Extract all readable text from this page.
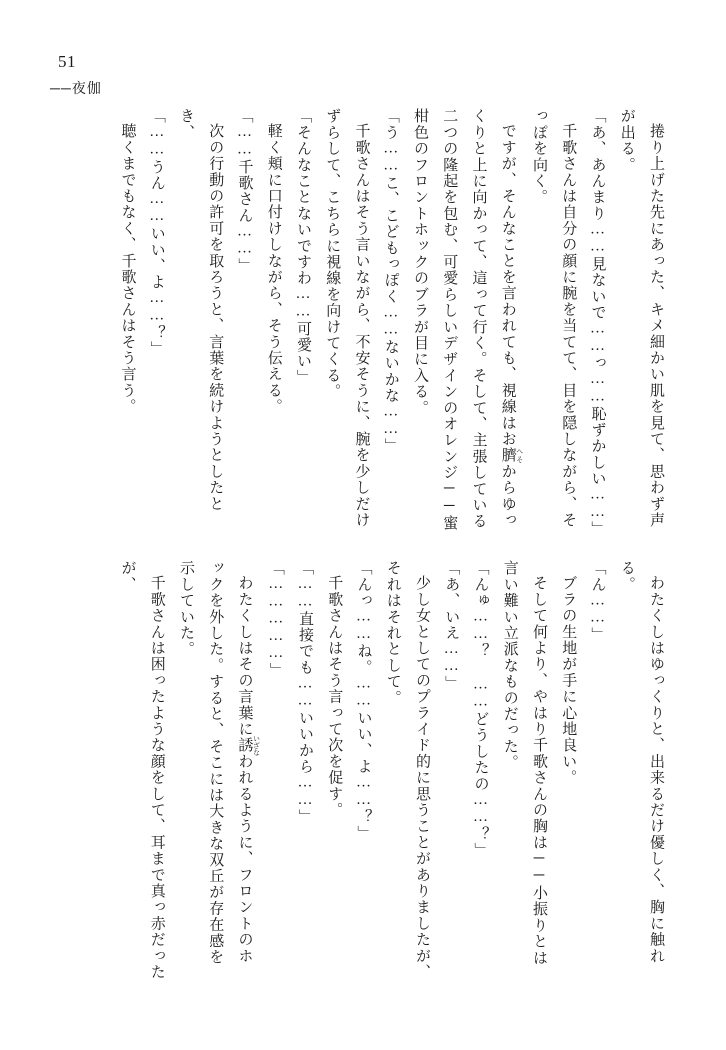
51
──夜伽

捲り上げた先にあった、キメ細かい肌を見て、思わず声が出る。

「あ、あんまり……見ないで……っ……恥ずかしい……」

千歌さんは自分の顔に腕を当てて、目を隠しながら、そっぽを向く。

ですが、そんなことを言われても、視線はお臍 へそからゆっくりと上に向かって、這って行く。そして、主張している二つの隆起を包む、可愛らしいデザインのオレンジ──蜜柑色のフロントホックのブラが目に入る。

「う……こ、こどもっぽく……ないかな……」

千歌さんはそう言いながら、不安そうに、腕を少しだけずらして、こちらに視線を向けてくる。

「そんなことないですわ……可愛い」

軽く頬に口付けしながら、そう伝える。

「……千歌さん……」

次の行動の許可を取ろうと、言葉を続けようとしたとき、

「……うん……いい、よ……？」

聴くまでもなく、千歌さんはそう言う。

わたくしはゆっくりと、出来るだけ優しく、胸に触れる。

「ん……」

ブラの生地が手に心地良い。

そして何より、やはり千歌さんの胸は──小振りとは言い難い立派なものだった。

「んゅ……？ ……どうしたの……？」

「あ、いえ……」

少し女としてのプライド的に思うことがありましたが、それはそれとして。

「んっ……ね。……いい、よ……？」

千歌さんはそう言って次を促す。

「……直接でも……いいから……」

「……………」

わたくしはその言葉に誘 いざなわれるように、フロントのホックを外した。すると、そこには大きな双丘が存在感を示していた。

千歌さんは困ったような顔をして、耳まで真っ赤だったが、
